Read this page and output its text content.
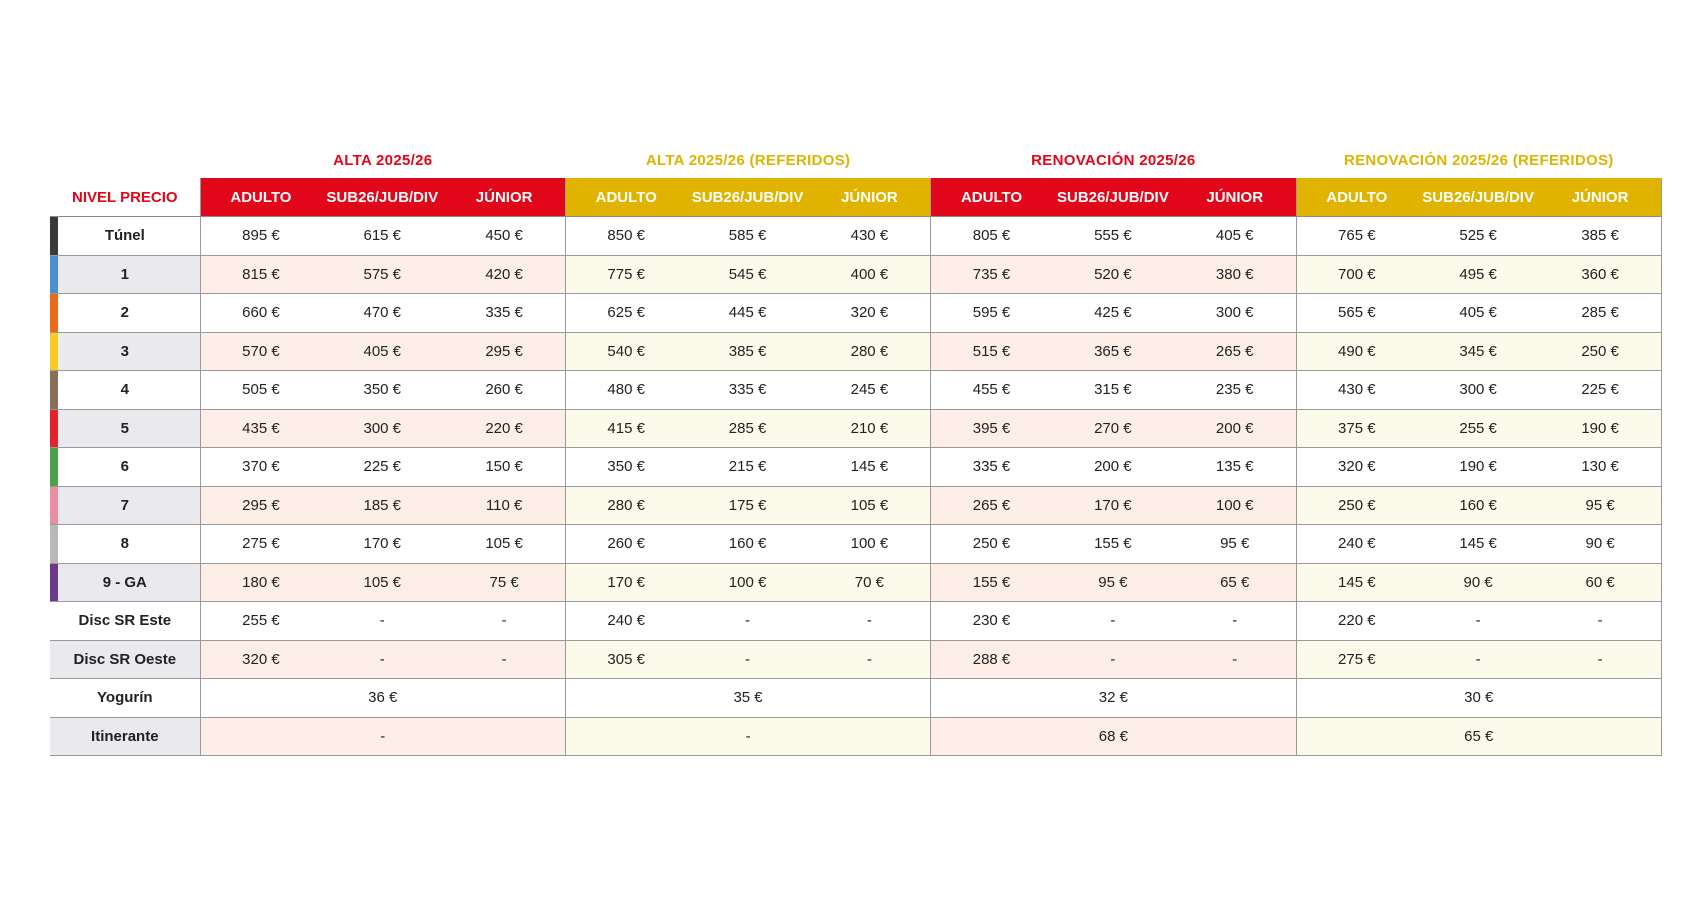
	ALTA 2025/26			ALTA 2025/26 (REFERIDOS)			RENOVACIÓN 2025/26			RENOVACIÓN 2025/26 (REFERIDOS)		
NIVEL PRECIO	ADULTO	SUB26/JUB/DIV	JÚNIOR	ADULTO	SUB26/JUB/DIV	JÚNIOR	ADULTO	SUB26/JUB/DIV	JÚNIOR	ADULTO	SUB26/JUB/DIV	JÚNIOR

Túnel	895 €	615 €	450 €	850 €	585 €	430 €	805 €	555 €	405 €	765 €	525 €	385 €

1	815 €	575 €	420 €	775 €	545 €	400 €	735 €	520 €	380 €	700 €	495 €	360 €

2	660 €	470 €	335 €	625 €	445 €	320 €	595 €	425 €	300 €	565 €	405 €	285 €

3	570 €	405 €	295 €	540 €	385 €	280 €	515 €	365 €	265 €	490 €	345 €	250 €

4	505 €	350 €	260 €	480 €	335 €	245 €	455 €	315 €	235 €	430 €	300 €	225 €

5	435 €	300 €	220 €	415 €	285 €	210 €	395 €	270 €	200 €	375 €	255 €	190 €

6	370 €	225 €	150 €	350 €	215 €	145 €	335 €	200 €	135 €	320 €	190 €	130 €

7	295 €	185 €	110 €	280 €	175 €	105 €	265 €	170 €	100 €	250 €	160 €	95 €

8	275 €	170 €	105 €	260 €	160 €	100 €	250 €	155 €	95 €	240 €	145 €	90 €

9 - GA	180 €	105 €	75 €	170 €	100 €	70 €	155 €	95 €	65 €	145 €	90 €	60 €
Disc SR Este	255 €	-	-	240 €	-	-	230 €	-	-	220 €	-	-
Disc SR Oeste	320 €	-	-	305 €	-	-	288 €	-	-	275 €	-	-
Yogurín	36 €			35 €			32 €			30 €		
Itinerante	-			-			68 €			65 €		
